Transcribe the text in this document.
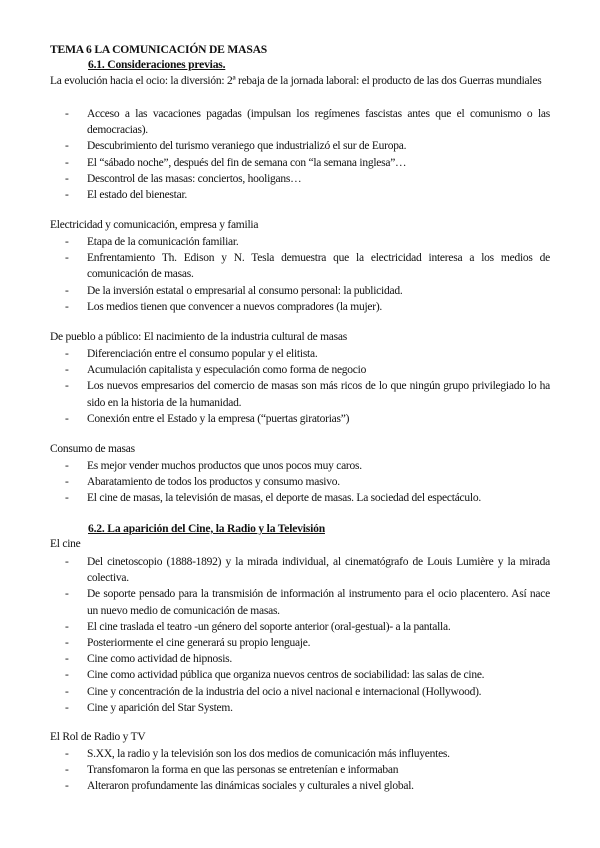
TEMA 6 LA COMUNICACIÓN DE MASAS
6.1. Consideraciones previas.
La evolución hacia el ocio: la diversión: 2ª rebaja de la jornada laboral: el producto de las dos Guerras mundiales
- Acceso a las vacaciones pagadas (impulsan los regímenes fascistas antes que el comunismo o las democracias).
- Descubrimiento del turismo veraniego que industrializó el sur de Europa.
- El “sábado noche”, después del fin de semana con “la semana inglesa”…
- Descontrol de las masas: conciertos, hooligans…
- El estado del bienestar.
Electricidad y comunicación, empresa y familia
- Etapa de la comunicación familiar.
- Enfrentamiento Th. Edison y N. Tesla demuestra que la electricidad interesa a los medios de comunicación de masas.
- De la inversión estatal o empresarial al consumo personal: la publicidad.
- Los medios tienen que convencer a nuevos compradores (la mujer).
De pueblo a público: El nacimiento de la industria cultural de masas
- Diferenciación entre el consumo popular y el elitista.
- Acumulación capitalista y especulación como forma de negocio
- Los nuevos empresarios del comercio de masas son más ricos de lo que ningún grupo privilegiado lo ha sido en la historia de la humanidad.
- Conexión entre el Estado y la empresa (“puertas giratorias”)
Consumo de masas
- Es mejor vender muchos productos que unos pocos muy caros.
- Abaratamiento de todos los productos y consumo masivo.
- El cine de masas, la televisión de masas, el deporte de masas. La sociedad del espectáculo.
6.2. La aparición del Cine, la Radio y la Televisión
El cine
- Del cinetoscopio (1888-1892) y la mirada individual, al cinematógrafo de Louis Lumière y la mirada colectiva.
- De soporte pensado para la transmisión de información al instrumento para el ocio placentero. Así nace un nuevo medio de comunicación de masas.
- El cine traslada el teatro -un género del soporte anterior (oral-gestual)- a la pantalla.
- Posteriormente el cine generará su propio lenguaje.
- Cine como actividad de hipnosis.
- Cine como actividad pública que organiza nuevos centros de sociabilidad: las salas de cine.
- Cine y concentración de la industria del ocio a nivel nacional e internacional (Hollywood).
- Cine y aparición del Star System.
El Rol de Radio y TV
- S.XX, la radio y la televisión son los dos medios de comunicación más influyentes.
- Transfomaron la forma en que las personas se entretenían e informaban
- Alteraron profundamente las dinámicas sociales y culturales a nivel global.
